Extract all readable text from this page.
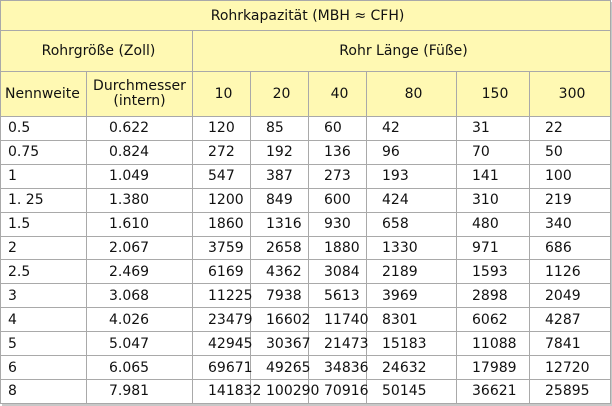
Rohrkapazität (MBH ≈ CFH)							
Rohrgröße (Zoll)		Rohr Länge (Füße)					
Nennweite	Durchmesser (intern)	10	20	40	80	150	300
0.5	0.622	120	85	60	42	31	22
0.75	0.824	272	192	136	96	70	50
1	1.049	547	387	273	193	141	100
1. 25	1.380	1200	849	600	424	310	219
1.5	1.610	1860	1316	930	658	480	340
2	2.067	3759	2658	1880	1330	971	686
2.5	2.469	6169	4362	3084	2189	1593	1126
3	3.068	11225	7938	5613	3969	2898	2049
4	4.026	23479	16602	11740	8301	6062	4287
5	5.047	42945	30367	21473	15183	11088	7841
6	6.065	69671	49265	34836	24632	17989	12720
8	7.981	141832	100290	70916	50145	36621	25895
